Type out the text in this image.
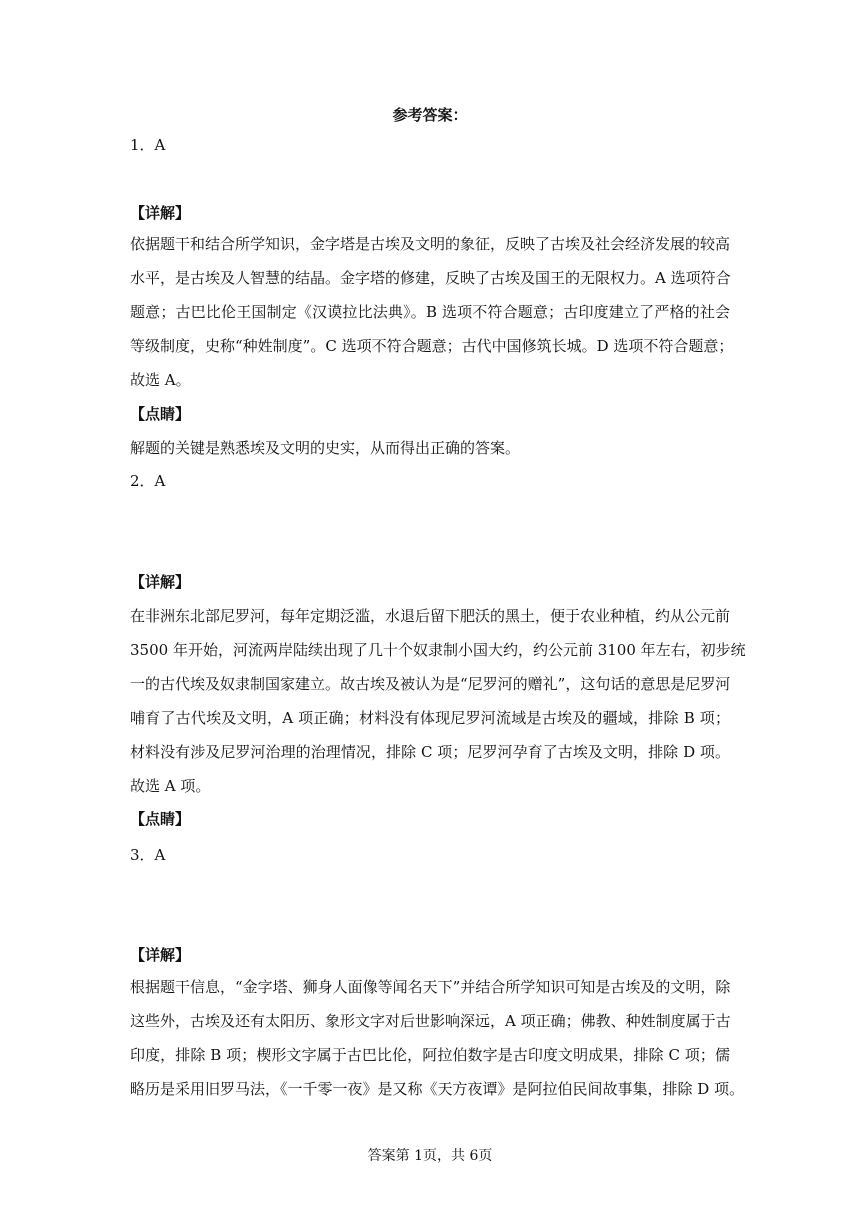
参考答案：
1．A
【详解】
依据题干和结合所学知识，金字塔是古埃及文明的象征，反映了古埃及社会经济发展的较高
水平，是古埃及人智慧的结晶。金字塔的修建，反映了古埃及国王的无限权力。A 选项符合
题意；古巴比伦王国制定《汉谟拉比法典》。B 选项不符合题意；古印度建立了严格的社会
等级制度，史称“种姓制度”。C 选项不符合题意；古代中国修筑长城。D 选项不符合题意；
故选 A。
【点睛】
解题的关键是熟悉埃及文明的史实，从而得出正确的答案。
2．A
【详解】
在非洲东北部尼罗河，每年定期泛滥，水退后留下肥沃的黑土，便于农业种植，约从公元前
3500 年开始，河流两岸陆续出现了几十个奴隶制小国大约，约公元前 3100 年左右，初步统
一的古代埃及奴隶制国家建立。故古埃及被认为是“尼罗河的赠礼”，这句话的意思是尼罗河
哺育了古代埃及文明，A 项正确；材料没有体现尼罗河流域是古埃及的疆域，排除 B 项；
材料没有涉及尼罗河治理的治理情况，排除 C 项；尼罗河孕育了古埃及文明，排除 D 项。
故选 A 项。
【点睛】
3．A
【详解】
根据题干信息，“金字塔、狮身人面像等闻名天下”并结合所学知识可知是古埃及的文明，除
这些外，古埃及还有太阳历、象形文字对后世影响深远，A 项正确；佛教、种姓制度属于古
印度，排除 B 项；楔形文字属于古巴比伦，阿拉伯数字是古印度文明成果，排除 C 项；儒
略历是采用旧罗马法，《一千零一夜》是又称《天方夜谭》是阿拉伯民间故事集，排除 D 项。
答案第 1页，共 6页
